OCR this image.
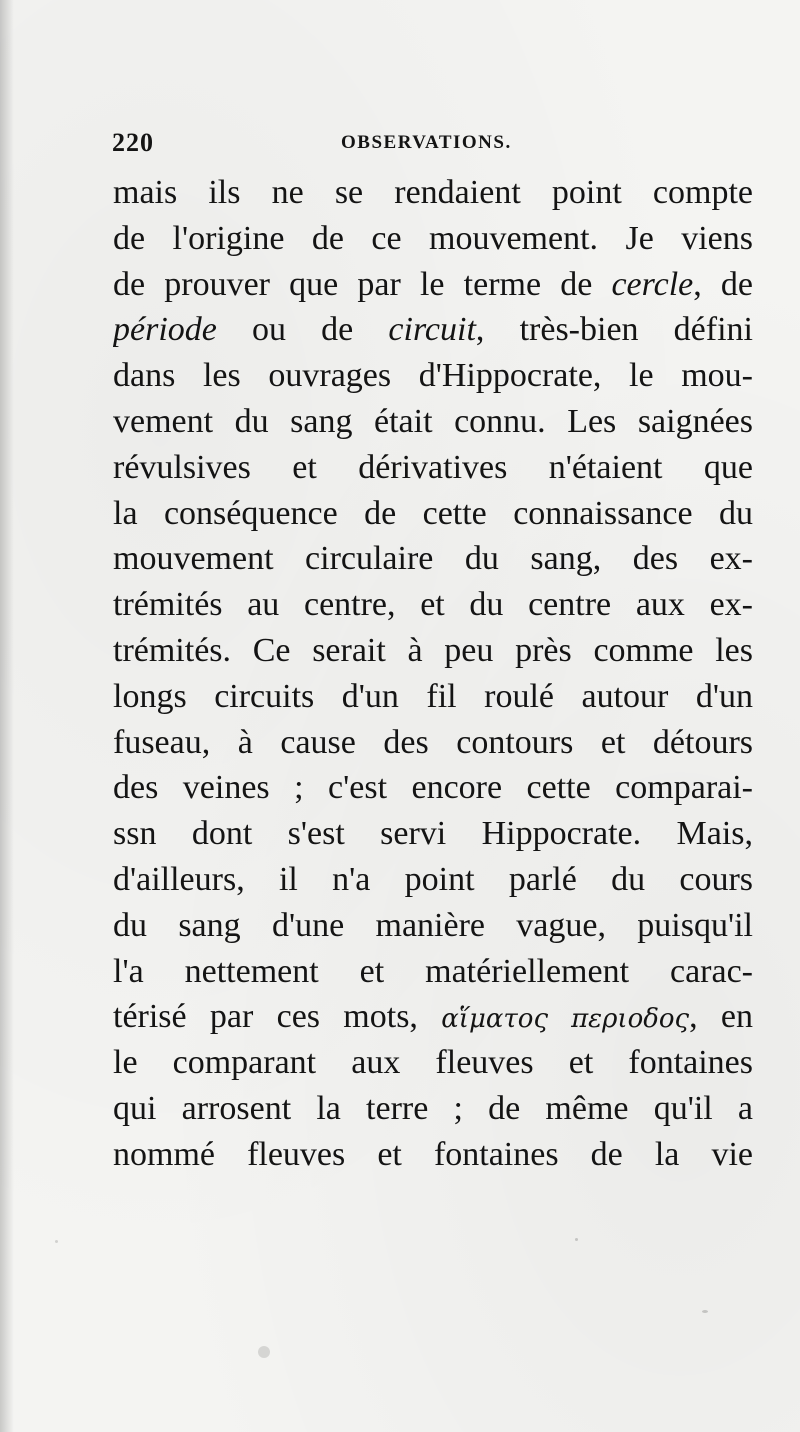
220	OBSERVATIONS.
mais ils ne se rendaient point compte
de l'origine de ce mouvement. Je viens
de prouver que par le terme de cercle, de
période ou de circuit, très-bien défini
dans les ouvrages d'Hippocrate, le mou-
vement du sang était connu. Les saignées
révulsives et dérivatives n'étaient que
la conséquence de cette connaissance du
mouvement circulaire du sang, des ex-
trémités au centre, et du centre aux ex-
trémités. Ce serait à peu près comme les
longs circuits d'un fil roulé autour d'un
fuseau, à cause des contours et détours
des veines ; c'est encore cette comparai-
ssn dont s'est servi Hippocrate. Mais,
d'ailleurs, il n'a point parlé du cours
du sang d'une manière vague, puisqu'il
l'a nettement et matériellement carac-
térisé par ces mots, αἵματος περιοδος, en
le comparant aux fleuves et fontaines
qui arrosent la terre ; de même qu'il a
nommé fleuves et fontaines de la vie
